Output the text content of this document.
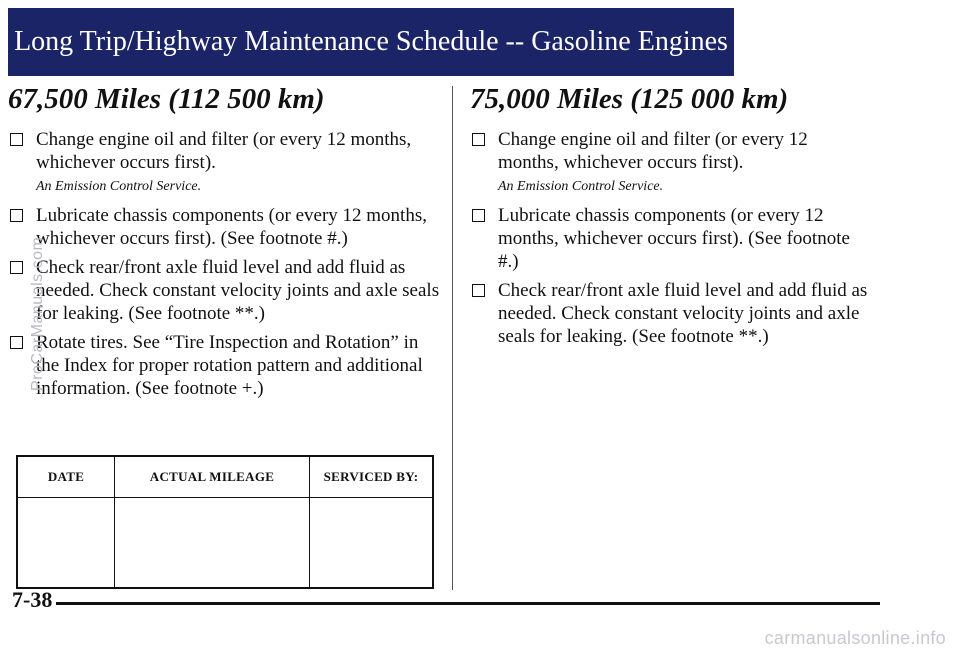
Long Trip/Highway Maintenance Schedule -- Gasoline Engines
67,500 Miles (112 500 km)
Change engine oil and filter (or every 12 months, whichever occurs first).
An Emission Control Service.
Lubricate chassis components (or every 12 months, whichever occurs first). (See footnote #.)
Check rear/front axle fluid level and add fluid as needed. Check constant velocity joints and axle seals for leaking. (See footnote **.)
Rotate tires. See “Tire Inspection and Rotation” in the Index for proper rotation pattern and additional information. (See footnote +.)
DATE	ACTUAL MILEAGE	SERVICED BY:

75,000 Miles (125 000 km)
Change engine oil and filter (or every 12 months, whichever occurs first).
An Emission Control Service.
Lubricate chassis components (or every 12 months, whichever occurs first). (See footnote #.)
Check rear/front axle fluid level and add fluid as needed. Check constant velocity joints and axle seals for leaking. (See footnote **.)
7-38
ProCarManuals.com
carmanualsonline.info
